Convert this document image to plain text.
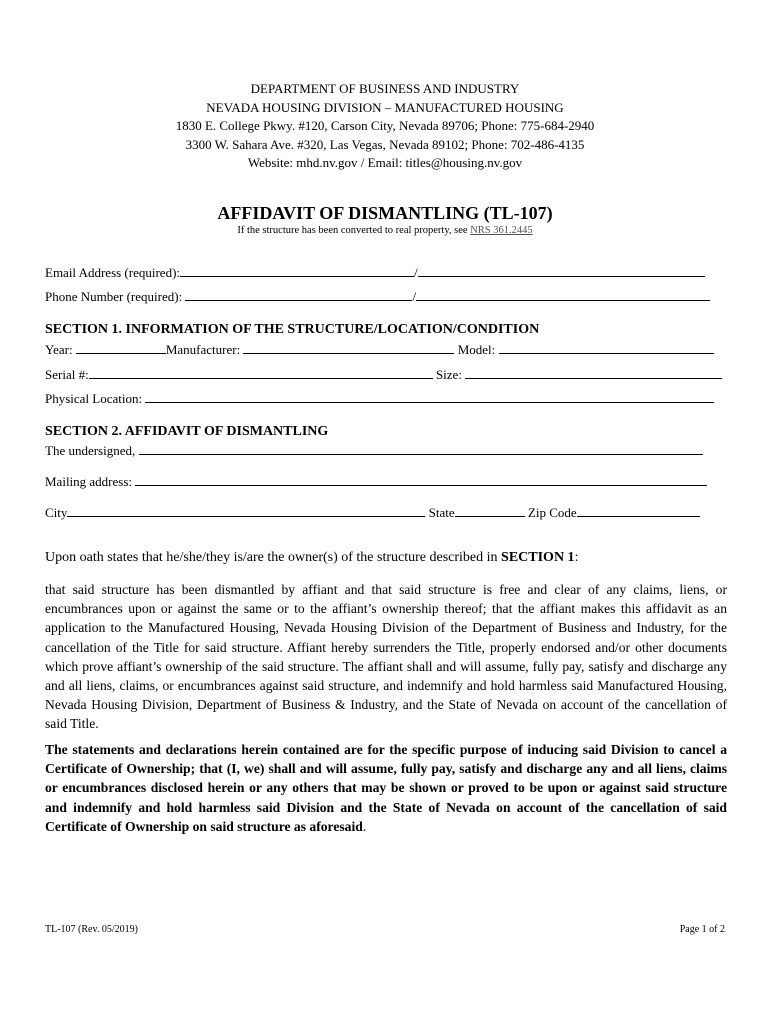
DEPARTMENT OF BUSINESS AND INDUSTRY
NEVADA HOUSING DIVISION – MANUFACTURED HOUSING
1830 E. College Pkwy. #120, Carson City, Nevada 89706; Phone: 775-684-2940
3300 W. Sahara Ave. #320, Las Vegas, Nevada 89102; Phone: 702-486-4135
Website: mhd.nv.gov / Email: titles@housing.nv.gov
AFFIDAVIT OF DISMANTLING (TL-107)
If the structure has been converted to real property, see NRS 361.2445
Email Address (required):	/
Phone Number (required):	/
SECTION 1. INFORMATION OF THE STRUCTURE/LOCATION/CONDITION
Year:	Manufacturer:	Model:
Serial #:	Size:
Physical Location:
SECTION 2. AFFIDAVIT OF DISMANTLING
The undersigned,
Mailing address:
City	State	Zip Code
Upon oath states that he/she/they is/are the owner(s) of the structure described in SECTION 1:
that said structure has been dismantled by affiant and that said structure is free and clear of any claims, liens, or encumbrances upon or against the same or to the affiant’s ownership thereof; that the affiant makes this affidavit as an application to the Manufactured Housing, Nevada Housing Division of the Department of Business and Industry, for the cancellation of the Title for said structure. Affiant hereby surrenders the Title, properly endorsed and/or other documents which prove affiant’s ownership of the said structure. The affiant shall and will assume, fully pay, satisfy and discharge any and all liens, claims, or encumbrances against said structure, and indemnify and hold harmless said Manufactured Housing, Nevada Housing Division, Department of Business & Industry, and the State of Nevada on account of the cancellation of said Title.
The statements and declarations herein contained are for the specific purpose of inducing said Division to cancel a Certificate of Ownership; that (I, we) shall and will assume, fully pay, satisfy and discharge any and all liens, claims or encumbrances disclosed herein or any others that may be shown or proved to be upon or against said structure and indemnify and hold harmless said Division and the State of Nevada on account of the cancellation of said Certificate of Ownership on said structure as aforesaid.
TL-107 (Rev. 05/2019)	Page 1 of 2
